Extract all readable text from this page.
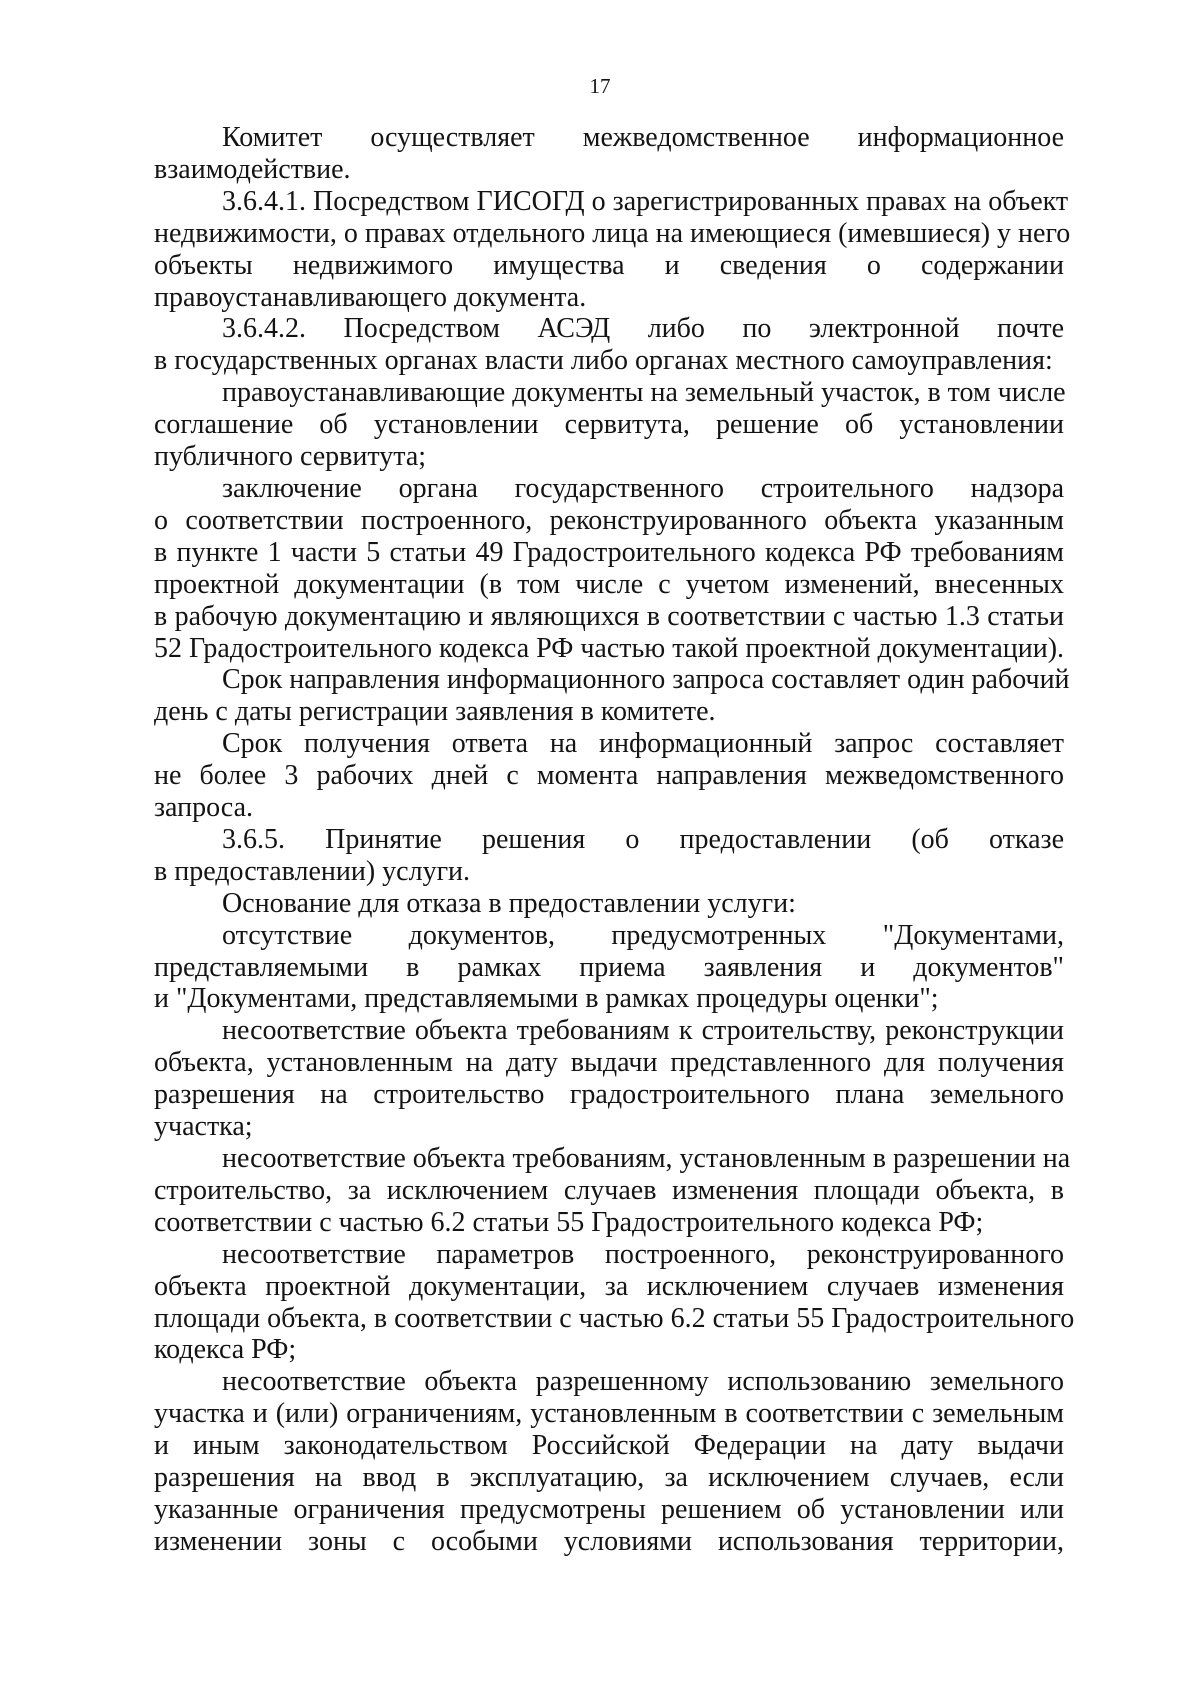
17
Комитет осуществляет межведомственное информационное
взаимодействие.
3.6.4.1. Посредством ГИСОГД о зарегистрированных правах на объект
недвижимости, о правах отдельного лица на имеющиеся (имевшиеся) у него
объекты недвижимого имущества и сведения о содержании
правоустанавливающего документа.
3.6.4.2. Посредством АСЭД либо по электронной почте
в государственных органах власти либо органах местного самоуправления:
правоустанавливающие документы на земельный участок, в том числе
соглашение об установлении сервитута, решение об установлении
публичного сервитута;
заключение органа государственного строительного надзора
о соответствии построенного, реконструированного объекта указанным
в пункте 1 части 5 статьи 49 Градостроительного кодекса РФ требованиям
проектной документации (в том числе с учетом изменений, внесенных
в рабочую документацию и являющихся в соответствии с частью 1.3 статьи
52 Градостроительного кодекса РФ частью такой проектной документации).
Срок направления информационного запроса составляет один рабочий
день с даты регистрации заявления в комитете.
Срок получения ответа на информационный запрос составляет
не более 3 рабочих дней с момента направления межведомственного
запроса.
3.6.5. Принятие решения о предоставлении (об отказе
в предоставлении) услуги.
Основание для отказа в предоставлении услуги:
отсутствие документов, предусмотренных "Документами,
представляемыми в рамках приема заявления и документов"
и "Документами, представляемыми в рамках процедуры оценки";
несоответствие объекта требованиям к строительству, реконструкции
объекта, установленным на дату выдачи представленного для получения
разрешения на строительство градостроительного плана земельного
участка;
несоответствие объекта требованиям, установленным в разрешении на
строительство, за исключением случаев изменения площади объекта, в
соответствии с частью 6.2 статьи 55 Градостроительного кодекса РФ;
несоответствие параметров построенного, реконструированного
объекта проектной документации, за исключением случаев изменения
площади объекта, в соответствии с частью 6.2 статьи 55 Градостроительного
кодекса РФ;
несоответствие объекта разрешенному использованию земельного
участка и (или) ограничениям, установленным в соответствии с земельным
и иным законодательством Российской Федерации на дату выдачи
разрешения на ввод в эксплуатацию, за исключением случаев, если
указанные ограничения предусмотрены решением об установлении или
изменении зоны с особыми условиями использования территории,
